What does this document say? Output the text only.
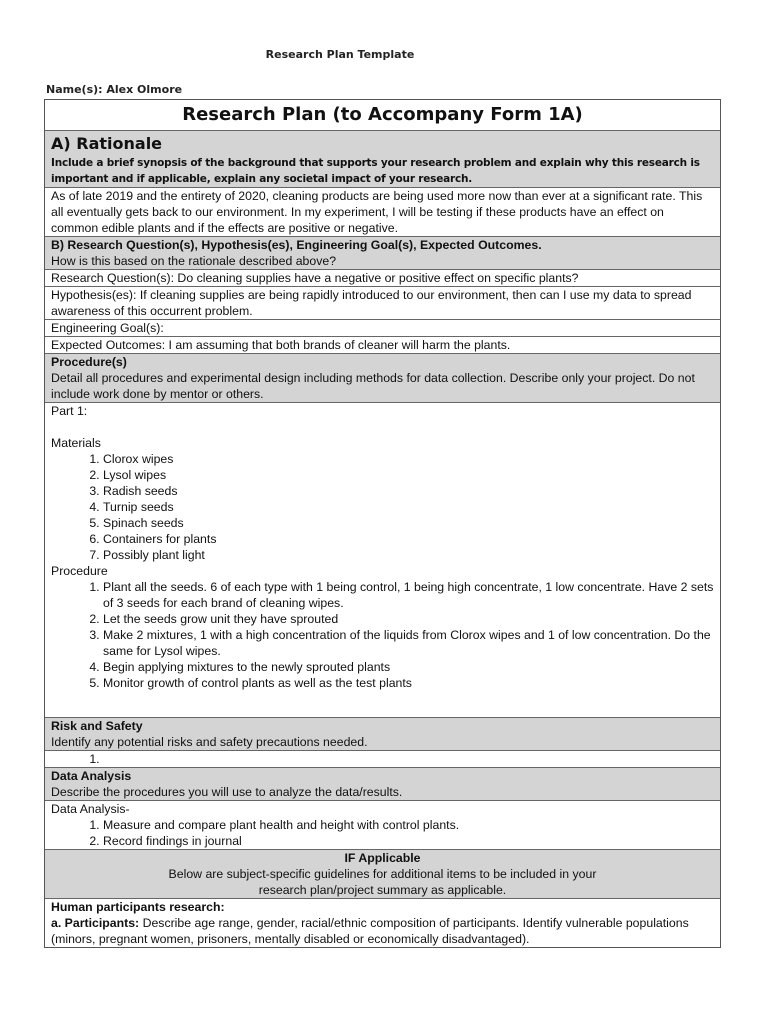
Research Plan Template
Name(s): Alex Olmore
Research Plan (to Accompany Form 1A)
A) Rationale
Include a brief synopsis of the background that supports your research problem and explain why this research is important and if applicable, explain any societal impact of your research.
As of late 2019 and the entirety of 2020, cleaning products are being used more now than ever at a significant rate. This all eventually gets back to our environment. In my experiment, I will be testing if these products have an effect on common edible plants and if the effects are positive or negative.
B) Research Question(s), Hypothesis(es), Engineering Goal(s), Expected Outcomes.
How is this based on the rationale described above?
Research Question(s): Do cleaning supplies have a negative or positive effect on specific plants?
Hypothesis(es): If cleaning supplies are being rapidly introduced to our environment, then can I use my data to spread awareness of this occurrent problem.
Engineering Goal(s):
Expected Outcomes: I am assuming that both brands of cleaner will harm the plants.
Procedure(s)
Detail all procedures and experimental design including methods for data collection. Describe only your project. Do not include work done by mentor or others.
Part 1:
Materials
1. Clorox wipes
2. Lysol wipes
3. Radish seeds
4. Turnip seeds
5. Spinach seeds
6. Containers for plants
7. Possibly plant light
Procedure
1. Plant all the seeds. 6 of each type with 1 being control, 1 being high concentrate, 1 low concentrate. Have 2 sets of 3 seeds for each brand of cleaning wipes.
2. Let the seeds grow unit they have sprouted
3. Make 2 mixtures, 1 with a high concentration of the liquids from Clorox wipes and 1 of low concentration. Do the same for Lysol wipes.
4. Begin applying mixtures to the newly sprouted plants
5. Monitor growth of control plants as well as the test plants
Risk and Safety
Identify any potential risks and safety precautions needed.
1.
Data Analysis
Describe the procedures you will use to analyze the data/results.
Data Analysis-
1. Measure and compare plant health and height with control plants.
2. Record findings in journal
IF Applicable
Below are subject-specific guidelines for additional items to be included in your
research plan/project summary as applicable.
Human participants research:
a. Participants: Describe age range, gender, racial/ethnic composition of participants. Identify vulnerable populations (minors, pregnant women, prisoners, mentally disabled or economically disadvantaged).
